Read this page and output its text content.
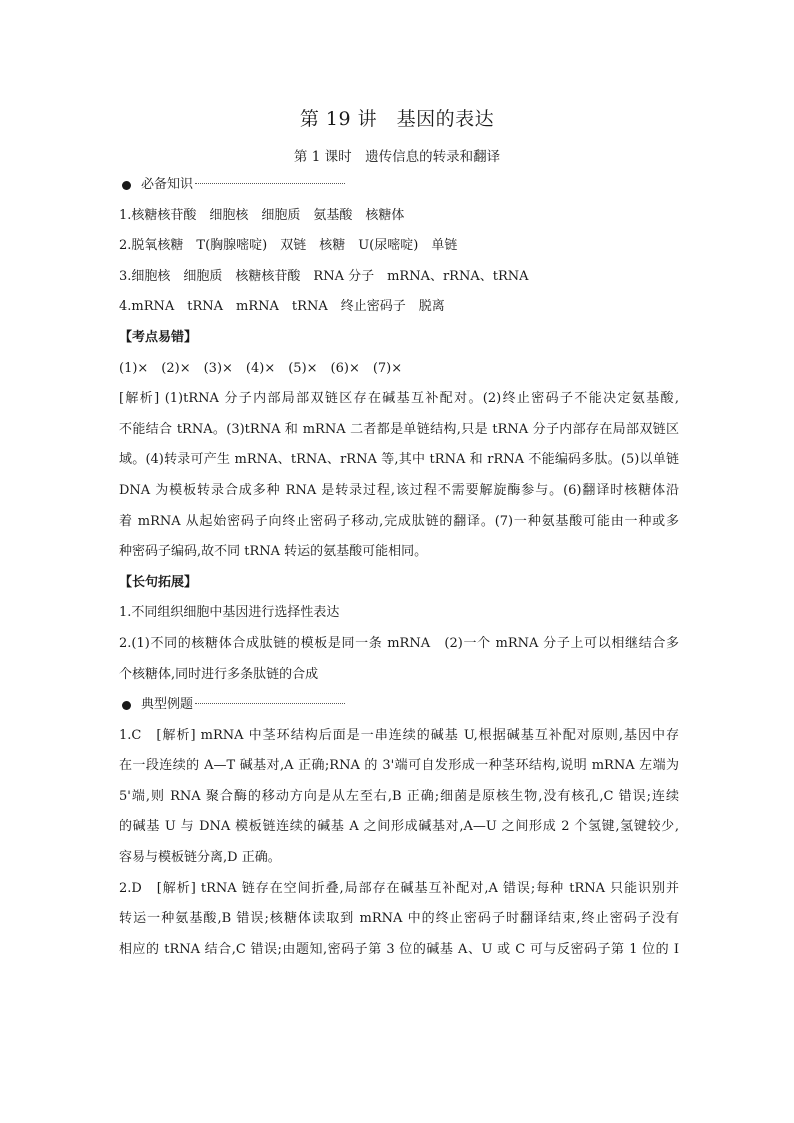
第 19 讲　基因的表达
第 1 课时　遗传信息的转录和翻译
必备知识
1.核糖核苷酸　细胞核　细胞质　氨基酸　核糖体
2.脱氧核糖　T(胸腺嘧啶)　双链　核糖　U(尿嘧啶)　单链
3.细胞核　细胞质　核糖核苷酸　RNA 分子　mRNA、rRNA、tRNA
4.mRNA　tRNA　mRNA　tRNA　终止密码子　脱离
【考点易错】
(1)×　(2)×　(3)×　(4)×　(5)×　(6)×　(7)×
[解析] (1)tRNA 分子内部局部双链区存在碱基互补配对。(2)终止密码子不能决定氨基酸,
不能结合 tRNA。(3)tRNA 和 mRNA 二者都是单链结构,只是 tRNA 分子内部存在局部双链区
域。(4)转录可产生 mRNA、tRNA、rRNA 等,其中 tRNA 和 rRNA 不能编码多肽。(5)以单链
DNA 为模板转录合成多种 RNA 是转录过程,该过程不需要解旋酶参与。(6)翻译时核糖体沿
着 mRNA 从起始密码子向终止密码子移动,完成肽链的翻译。(7)一种氨基酸可能由一种或多
种密码子编码,故不同 tRNA 转运的氨基酸可能相同。
【长句拓展】
1.不同组织细胞中基因进行选择性表达
2.(1)不同的核糖体合成肽链的模板是同一条 mRNA　(2)一个 mRNA 分子上可以相继结合多
个核糖体,同时进行多条肽链的合成
典型例题
1.C　[解析] mRNA 中茎环结构后面是一串连续的碱基 U,根据碱基互补配对原则,基因中存
在一段连续的 A—T 碱基对,A 正确;RNA 的 3'端可自发形成一种茎环结构,说明 mRNA 左端为
5'端,则 RNA 聚合酶的移动方向是从左至右,B 正确;细菌是原核生物,没有核孔,C 错误;连续
的碱基 U 与 DNA 模板链连续的碱基 A 之间形成碱基对,A—U 之间形成 2 个氢键,氢键较少,
容易与模板链分离,D 正确。
2.D　[解析] tRNA 链存在空间折叠,局部存在碱基互补配对,A 错误;每种 tRNA 只能识别并
转运一种氨基酸,B 错误;核糖体读取到 mRNA 中的终止密码子时翻译结束,终止密码子没有
相应的 tRNA 结合,C 错误;由题知,密码子第 3 位的碱基 A、U 或 C 可与反密码子第 1 位的 I
